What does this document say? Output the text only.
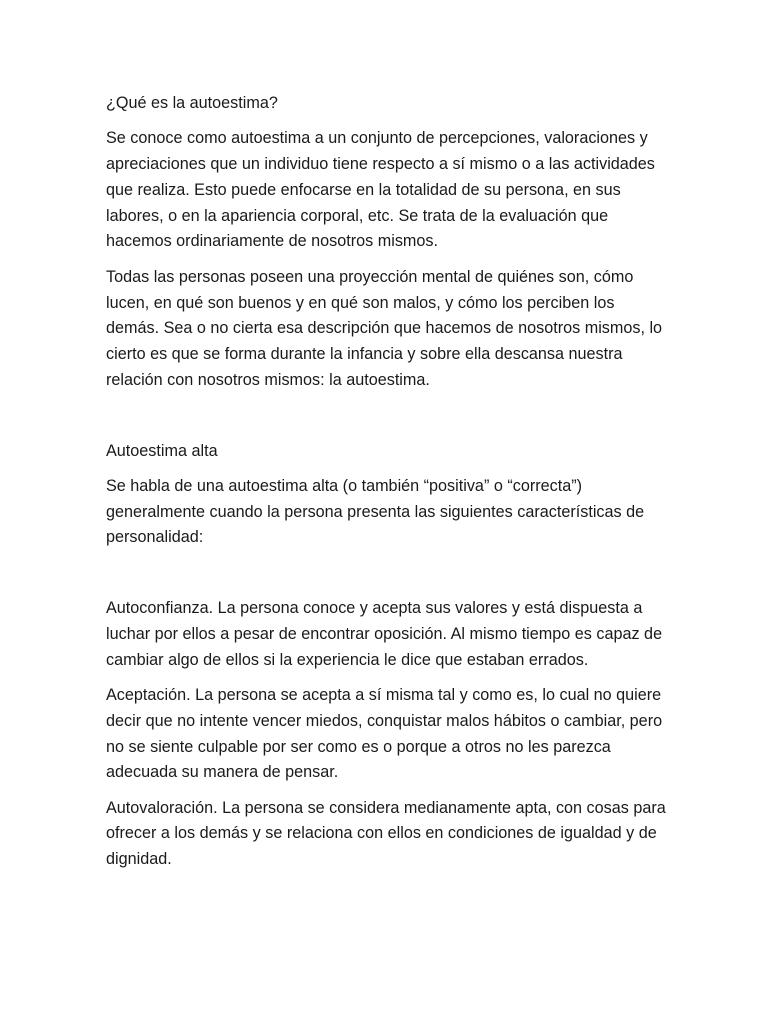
¿Qué es la autoestima?

Se conoce como autoestima a un conjunto de percepciones, valoraciones y apreciaciones que un individuo tiene respecto a sí mismo o a las actividades que realiza. Esto puede enfocarse en la totalidad de su persona, en sus labores, o en la apariencia corporal, etc. Se trata de la evaluación que hacemos ordinariamente de nosotros mismos.

Todas las personas poseen una proyección mental de quiénes son, cómo lucen, en qué son buenos y en qué son malos, y cómo los perciben los demás. Sea o no cierta esa descripción que hacemos de nosotros mismos, lo cierto es que se forma durante la infancia y sobre ella descansa nuestra relación con nosotros mismos: la autoestima.

Autoestima alta

Se habla de una autoestima alta (o también “positiva” o “correcta”) generalmente cuando la persona presenta las siguientes características de personalidad:

Autoconfianza. La persona conoce y acepta sus valores y está dispuesta a luchar por ellos a pesar de encontrar oposición. Al mismo tiempo es capaz de cambiar algo de ellos si la experiencia le dice que estaban errados.

Aceptación. La persona se acepta a sí misma tal y como es, lo cual no quiere decir que no intente vencer miedos, conquistar malos hábitos o cambiar, pero no se siente culpable por ser como es o porque a otros no les parezca adecuada su manera de pensar.

Autovaloración. La persona se considera medianamente apta, con cosas para ofrecer a los demás y se relaciona con ellos en condiciones de igualdad y de dignidad.
